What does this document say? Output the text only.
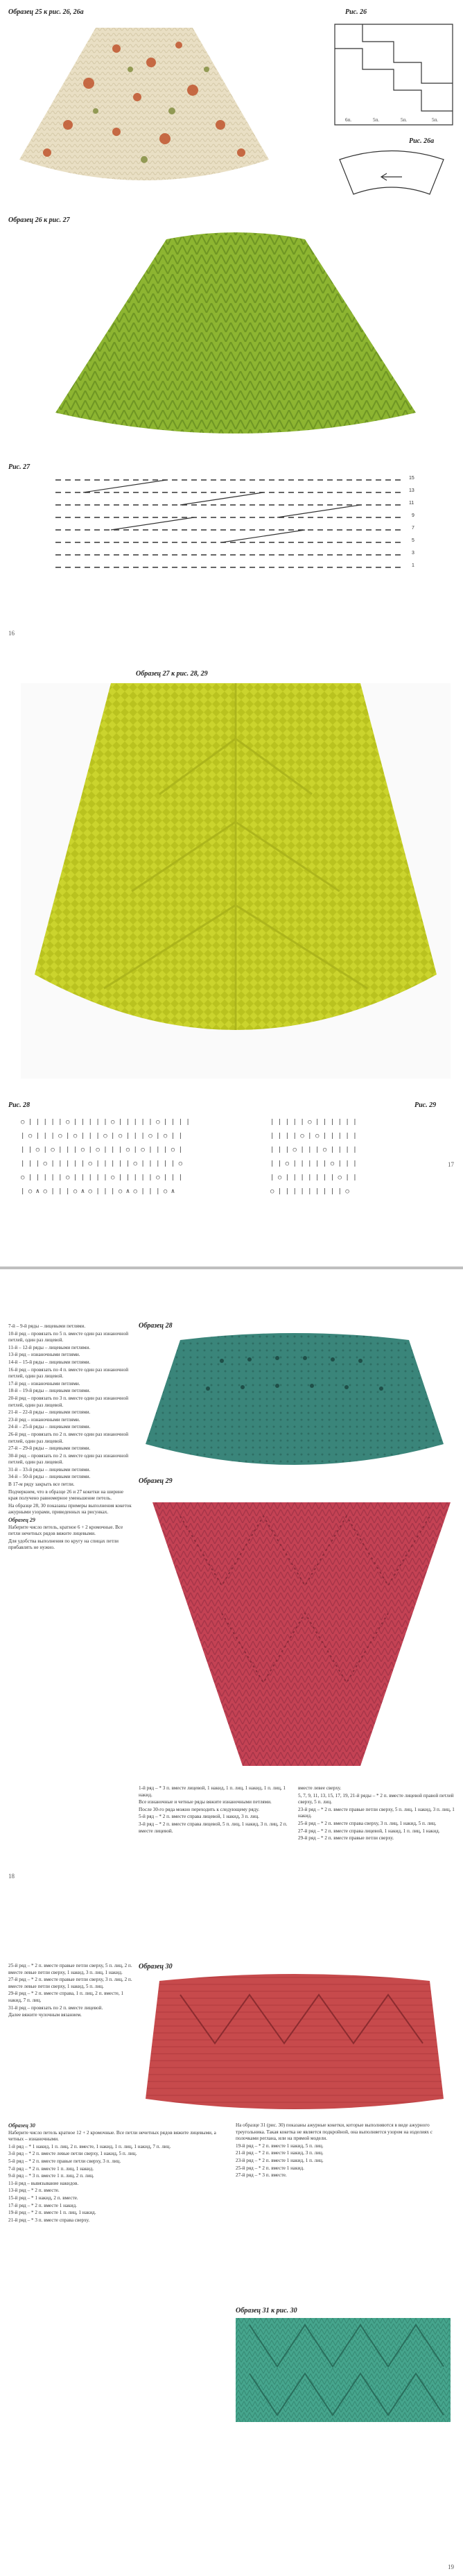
Образец 25 к рис. 26, 26а	Рис. 26
6п.	5п.	5п.	5п.
Рис. 26а
Образец 26 к рис. 27
Рис. 27
15
13
11
9
7
5
3
1
16
Образец 27 к рис. 28, 29
Рис. 28	Рис. 29
○ | | | | | ○ | | | | | ○ | | | | | ○ | | | |
| ○ | | | ○ | ○ | | | ○ | ○ | | | ○ | ○ | |
| | ○ | ○ | | | ○ | ○ | | | ○ | ○ | | | ○ |
| | | ○ | | | | | ○ | | | | | ○ | | | | | ○
○ | | | | | ○ | | | | | ○ | | | | | ○ | | |
| ○ ∧ ○ | | | ○ ∧ ○ | | | ○ ∧ ○ | | | ○ ∧
| | | | | ○ | | | | | |
| | | | ○ | ○ | | | | |
| | | ○ | | | ○ | | | |
| | ○ | | | | | ○ | | |
| ○ | | | | | | | ○ | |
○ | | | | | | | | | ○
17

7-й – 9-й ряды – лицевыми петлями.

10-й ряд – провязать по 5 п. вместе один раз изнаночной петлей, один раз лицевой.

11-й – 12-й ряды – лицевыми петлями.

13-й ряд – изнаночными петлями.

14-й – 15-й ряды – лицевыми петлями.

16-й ряд – провязать по 4 п. вместе один раз изнаночной петлей, один раз лицевой.

17-й ряд – изнаночными петлями.

18-й – 19-й ряды – лицевыми петлями.

20-й ряд – провязать по 3 п. вместе один раз изнаночной петлей, один раз лицевой.

21-й – 22-й ряды – лицевыми петлями.

23-й ряд – изнаночными петлями.

24-й – 25-й ряды – лицевыми петлями.

26-й ряд – провязать по 2 п. вместе один раз изнаночной петлей, один раз лицевой.

27-й – 29-й ряды – лицевыми петлями.

30-й ряд – провязать по 2 п. вместе один раз изнаночной петлей, один раз лицевой.

31-й – 33-й ряды – лицевыми петлями.

34-й – 50-й ряды – лицевыми петлями.

В 17-м ряду закрыть все петли.

Подчеркнем, что в образце 26 и 27 кокетки на ширине края получено равномерное уменьшение петель.

На образце 28, 30 показаны примеры выполнения кокеток ажурными узорами, приведенных на рисунках.

Образец 29

Наберите число петель, кратное 6 + 2 кромочные. Все петли нечетных рядов вяжите лицевыми.

Для удобства выполнения по кругу на спицах петли прибавлять не нужно.

Образец 28
Образец 29

1-й ряд – * 3 п. вместе лицевой, 1 накид, 1 п. лиц, 1 накид, 1 п. лиц, 1 накид.

Все изнаночные и четные ряды вяжите изнаночными петлями.

После 30-го ряда можно переходить к следующему ряду.

5-й ряд – * 2 п. вместе справа лицевой, 1 накид, 3 п. лиц.

3-й ряд – * 2 п. вместе справа лицевой, 5 п. лиц, 1 накид, 3 п. лиц, 2 п. вместе лицевой.

вместе левее сверху.

5, 7, 9, 11, 13, 15, 17, 19, 21-й ряды – * 2 п. вместе лицевой правой петлей сверху, 5 п. лиц.

23-й ряд – * 2 п. вместе правые петли сверху, 5 п. лиц, 1 накид, 3 п. лиц, 1 накид.

25-й ряд – * 2 п. вместе справа сверху, 3 п. лиц, 1 накид, 5 п. лиц.

27-й ряд – * 2 п. вместе справа лицевой, 1 накид, 1 п. лиц, 1 накид.

29-й ряд – * 2 п. вместе правые петли сверху.

18

25-й ряд – * 2 п. вместе правые петли сверху, 5 п. лиц, 2 п. вместе левые петли сверху, 1 накид, 3 п. лиц, 1 накид.

27-й ряд – * 2 п. вместе правые петли сверху, 3 п. лиц, 2 п. вместе левые петли сверху, 1 накид, 5 п. лиц.

29-й ряд – * 2 п. вместе справа, 1 п. лиц, 2 п. вместе, 1 накид, 7 п. лиц.

31-й ряд – провязать по 2 п. вместе лицевой.

Далее вяжите чулочным вязанием.

Образец 30

Образец 30

Наберите число петель кратное 12 + 2 кромочные. Все петли нечетных рядов вяжите лицевыми, а четных – изнаночными.

1-й ряд – * 1 накид, 1 п. лиц, 2 п. вместе, 1 накид, 1 п. лиц, 1 накид, 7 п. лиц.

3-й ряд – * 2 п. вместе левые петли сверху, 1 накид, 5 п. лиц.

5-й ряд – * 2 п. вместе правые петли сверху, 3 п. лиц.

7-й ряд – * 2 п. вместе 1 п. лиц, 1 накид.

9-й ряд – * 3 п. вместе 1 п. лиц, 2 п. лиц.

11-й ряд – вывязывание накидов.

13-й ряд – * 2 п. вместе.

15-й ряд – * 1 накид, 2 п. вместе.

17-й ряд – * 2 п. вместе 1 накид.

19-й ряд – * 2 п. вместе 1 п. лиц, 1 накид.

21-й ряд – * 3 п. вместе справа сверху.

На образце 31 (рис. 30) показаны ажурные кокетки, которые выполняются в виде ажурного треугольника. Такая кокетка не является подкройной, она выполняется узором на изделиях с полочками реглана, или на прямой модели.

19-й ряд – * 2 п. вместе 1 накид, 5 п. лиц.

21-й ряд – * 2 п. вместе 1 накид, 3 п. лиц.

23-й ряд – * 2 п. вместе 1 накид, 1 п. лиц.

25-й ряд – * 2 п. вместе 1 накид.

27-й ряд – * 3 п. вместе.

Образец 31 к рис. 30
19
